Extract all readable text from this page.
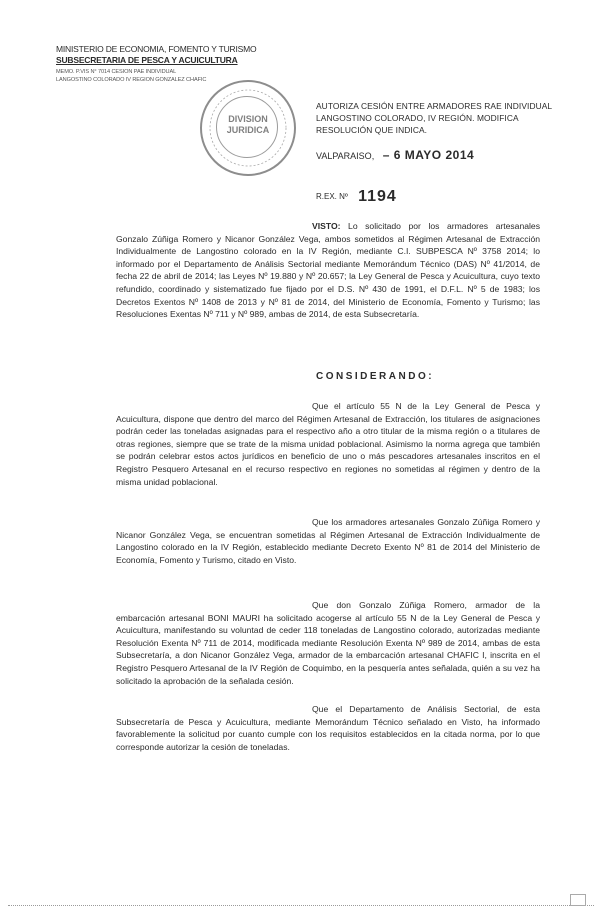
MINISTERIO DE ECONOMIA, FOMENTO Y TURISMO
SUBSECRETARIA DE PESCA Y ACUICULTURA
MEMO. P.VIS N° 7014 CESION PAE INDIVIDUAL
LANGOSTINO COLORADO IV REGION GONZALEZ CHAFIC
DIVISION
JURIDICA
AUTORIZA CESIÓN ENTRE ARMADORES RAE INDIVIDUAL LANGOSTINO COLORADO, IV REGIÓN. MODIFICA RESOLUCIÓN QUE INDICA.
VALPARAISO, – 6 MAYO 2014
R.EX. Nº 1194
VISTO: Lo solicitado por los armadores artesanales Gonzalo Zúñiga Romero y Nicanor González Vega, ambos sometidos al Régimen Artesanal de Extracción Individualmente de Langostino colorado en la IV Región, mediante C.I. SUBPESCA Nº 3758 2014; lo informado por el Departamento de Análisis Sectorial mediante Memorándum Técnico (DAS) Nº 41/2014, de fecha 22 de abril de 2014; las Leyes Nº 19.880 y Nº 20.657; la Ley General de Pesca y Acuicultura, cuyo texto refundido, coordinado y sistematizado fue fijado por el D.S. Nº 430 de 1991, el D.F.L. Nº 5 de 1983; los Decretos Exentos Nº 1408 de 2013 y Nº 81 de 2014, del Ministerio de Economía, Fomento y Turismo; las Resoluciones Exentas Nº 711 y Nº 989, ambas de 2014, de esta Subsecretaría.
CONSIDERANDO:
Que el artículo 55 N de la Ley General de Pesca y Acuicultura, dispone que dentro del marco del Régimen Artesanal de Extracción, los titulares de asignaciones podrán ceder las toneladas asignadas para el respectivo año a otro titular de la misma región o a titulares de otras regiones, siempre que se trate de la misma unidad poblacional. Asimismo la norma agrega que también se podrán celebrar estos actos jurídicos en beneficio de uno o más pescadores artesanales inscritos en el Registro Pesquero Artesanal en el recurso respectivo en regiones no sometidas al régimen y dentro de la misma unidad poblacional.
Que los armadores artesanales Gonzalo Zúñiga Romero y Nicanor González Vega, se encuentran sometidas al Régimen Artesanal de Extracción Individualmente de Langostino colorado en la IV Región, establecido mediante Decreto Exento Nº 81 de 2014 del Ministerio de Economía, Fomento y Turismo, citado en Visto.
Que don Gonzalo Zúñiga Romero, armador de la embarcación artesanal BONI MAURI ha solicitado acogerse al artículo 55 N de la Ley General de Pesca y Acuicultura, manifestando su voluntad de ceder 118 toneladas de Langostino colorado, autorizadas mediante Resolución Exenta Nº 711 de 2014, modificada mediante Resolución Exenta Nº 989 de 2014, ambas de esta Subsecretaría, a don Nicanor González Vega, armador de la embarcación artesanal CHAFIC I, inscrita en el Registro Pesquero Artesanal de la IV Región de Coquimbo, en la pesquería antes señalada, quién a su vez ha solicitado la aprobación de la señalada cesión.
Que el Departamento de Análisis Sectorial, de esta Subsecretaría de Pesca y Acuicultura, mediante Memorándum Técnico señalado en Visto, ha informado favorablemente la solicitud por cuanto cumple con los requisitos establecidos en la citada norma, por lo que corresponde autorizar la cesión de toneladas.
